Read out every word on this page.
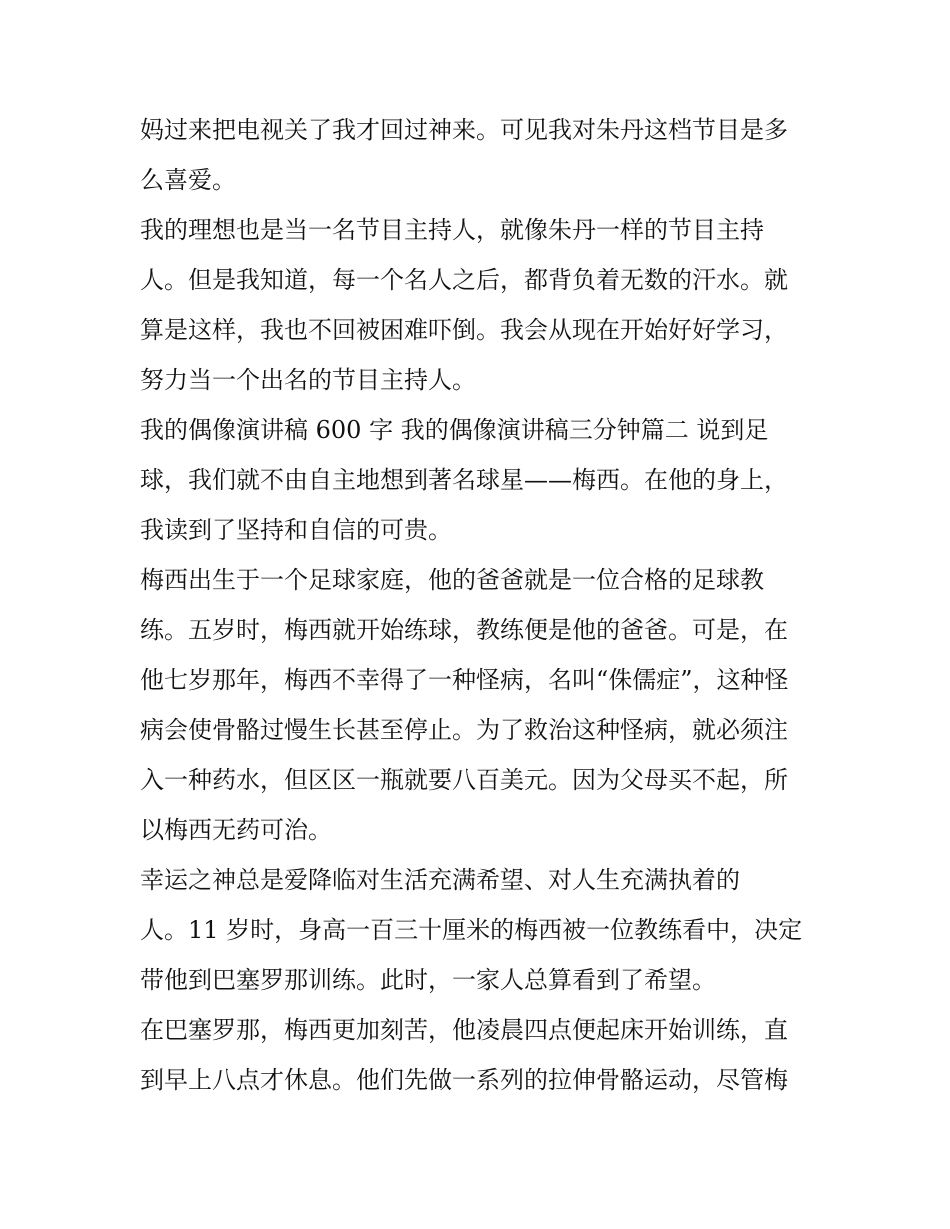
妈过来把电视关了我才回过神来。可见我对朱丹这档节目是多
么喜爱。
我的理想也是当一名节目主持人，就像朱丹一样的节目主持
人。但是我知道，每一个名人之后，都背负着无数的汗水。就
算是这样，我也不回被困难吓倒。我会从现在开始好好学习，
努力当一个出名的节目主持人。
我的偶像演讲稿 600 字 我的偶像演讲稿三分钟篇二 说到足
球，我们就不由自主地想到著名球星——梅西。在他的身上，
我读到了坚持和自信的可贵。
梅西出生于一个足球家庭，他的爸爸就是一位合格的足球教
练。五岁时，梅西就开始练球，教练便是他的爸爸。可是，在
他七岁那年，梅西不幸得了一种怪病，名叫“侏儒症”，这种怪
病会使骨骼过慢生长甚至停止。为了救治这种怪病，就必须注
入一种药水，但区区一瓶就要八百美元。因为父母买不起，所
以梅西无药可治。
幸运之神总是爱降临对生活充满希望、对人生充满执着的
人。11 岁时，身高一百三十厘米的梅西被一位教练看中，决定
带他到巴塞罗那训练。此时，一家人总算看到了希望。
在巴塞罗那，梅西更加刻苦，他凌晨四点便起床开始训练，直
到早上八点才休息。他们先做一系列的拉伸骨骼运动，尽管梅
